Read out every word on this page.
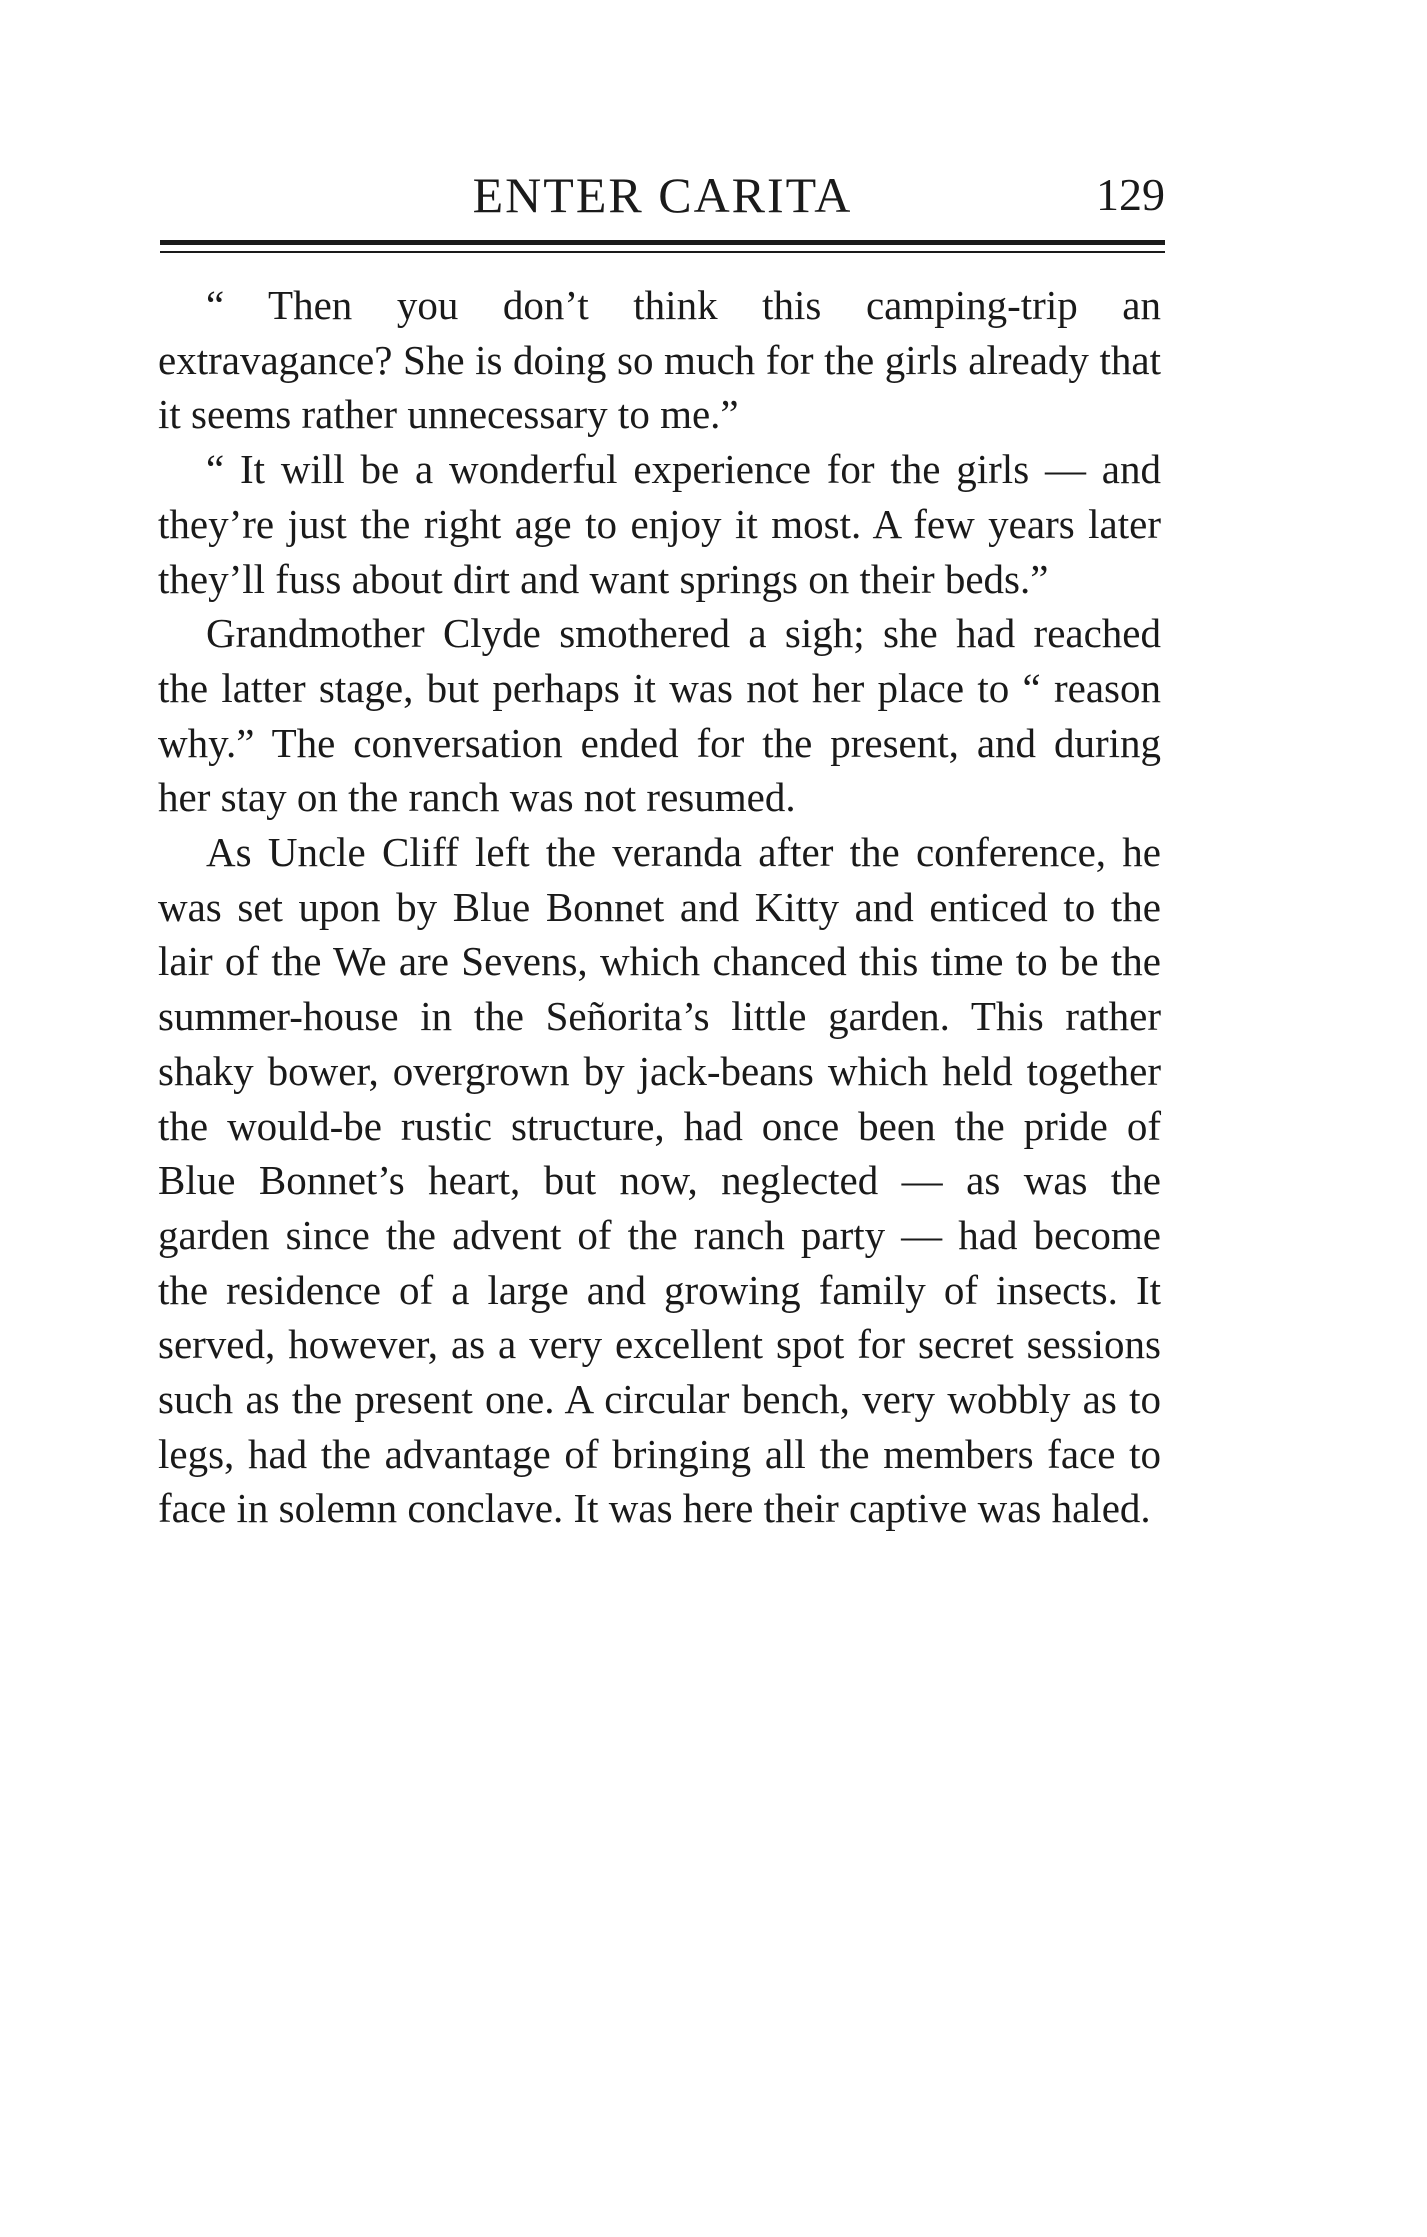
ENTER CARITA	129

“ Then you don’t think this camping-trip an extravagance? She is doing so much for the girls already that it seems rather unnecessary to me.”

“ It will be a wonderful experience for the girls — and they’re just the right age to enjoy it most. A few years later they’ll fuss about dirt and want springs on their beds.”

Grandmother Clyde smothered a sigh; she had reached the latter stage, but perhaps it was not her place to “ reason why.” The conversation ended for the present, and during her stay on the ranch was not resumed.

As Uncle Cliff left the veranda after the conference, he was set upon by Blue Bonnet and Kitty and enticed to the lair of the We are Sevens, which chanced this time to be the summer-house in the Señorita’s little garden. This rather shaky bower, overgrown by jack-beans which held together the would-be rustic structure, had once been the pride of Blue Bonnet’s heart, but now, neglected — as was the garden since the advent of the ranch party — had become the residence of a large and growing family of insects. It served, however, as a very excellent spot for secret sessions such as the present one. A circular bench, very wobbly as to legs, had the advantage of bringing all the members face to face in solemn conclave. It was here their captive was haled.
